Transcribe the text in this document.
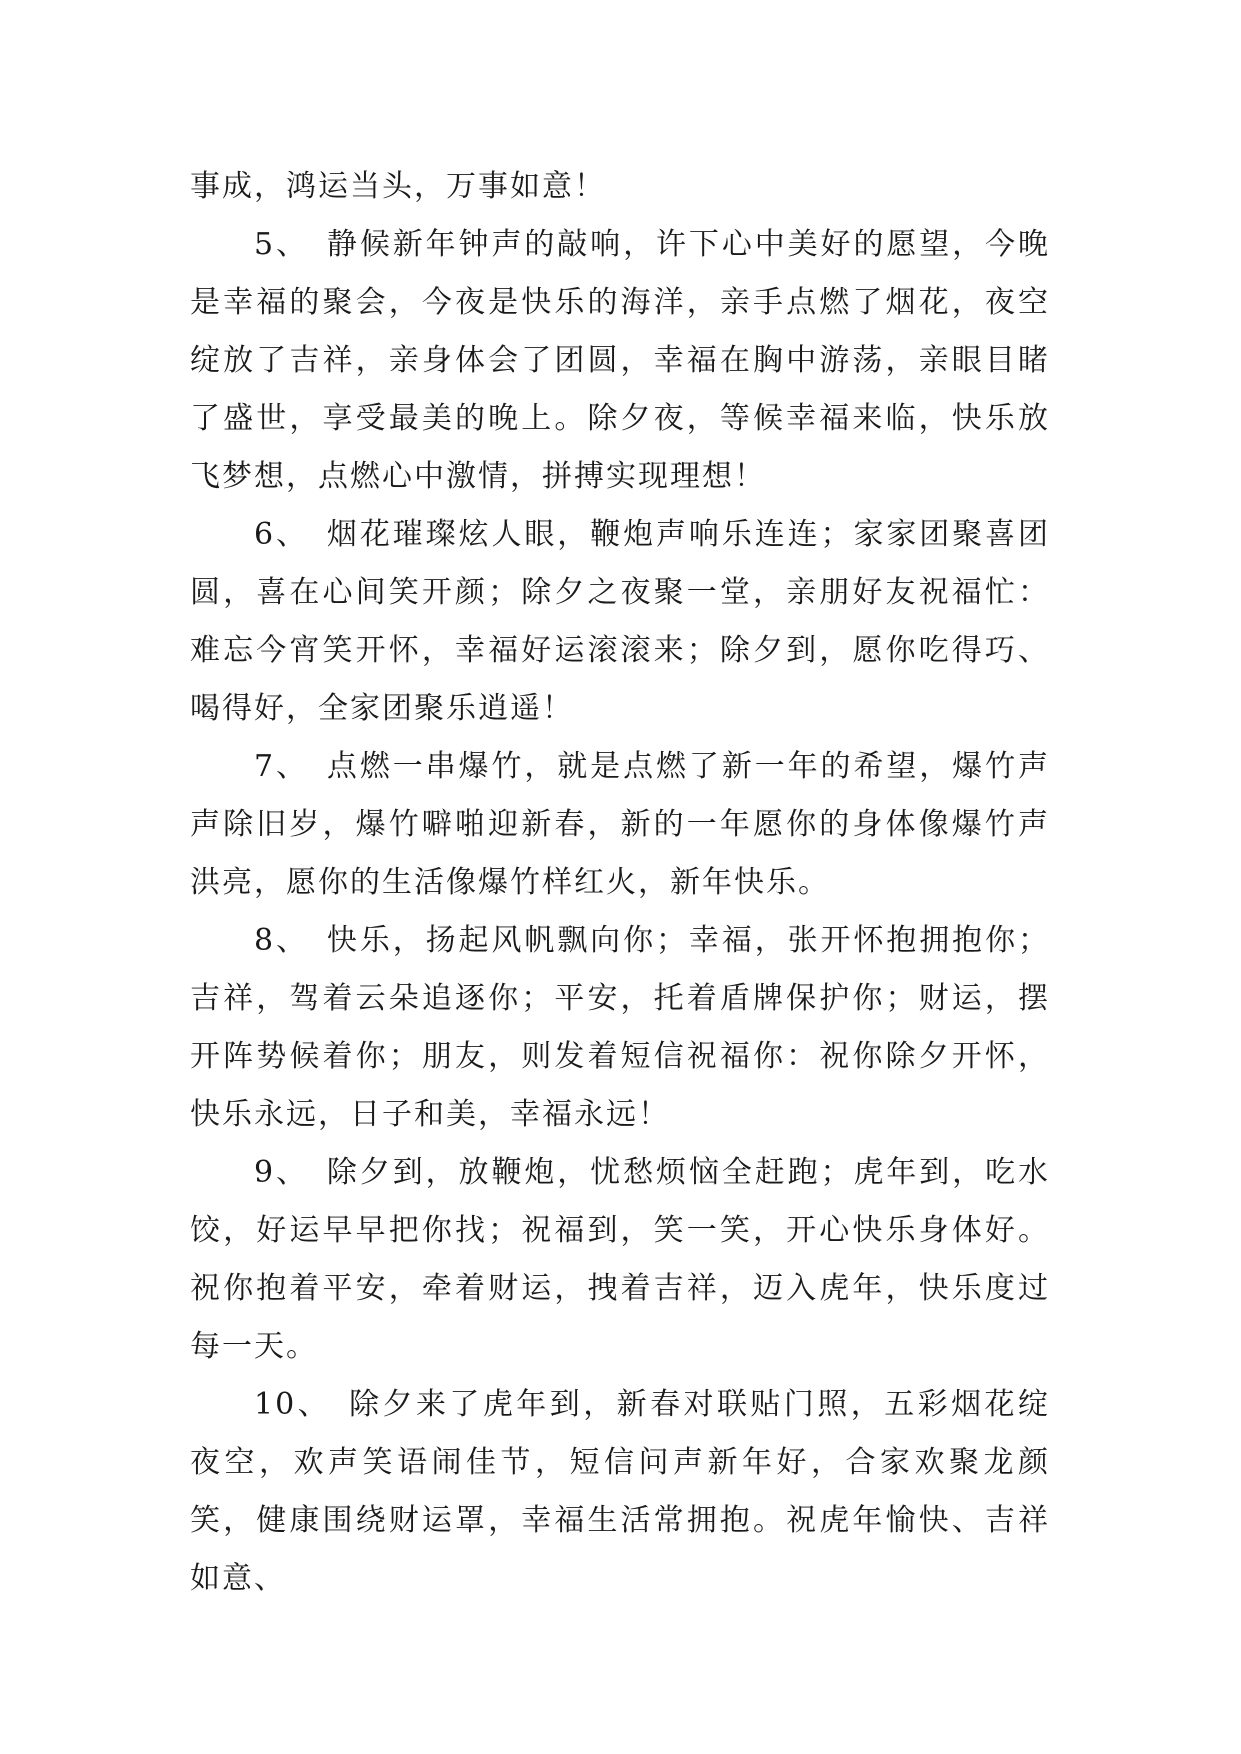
事成，鸿运当头，万事如意！

5、 静候新年钟声的敲响，许下心中美好的愿望，今晚是幸福的聚会，今夜是快乐的海洋，亲手点燃了烟花，夜空绽放了吉祥，亲身体会了团圆，幸福在胸中游荡，亲眼目睹了盛世，享受最美的晚上。除夕夜，等候幸福来临，快乐放飞梦想，点燃心中激情，拼搏实现理想！

6、 烟花璀璨炫人眼，鞭炮声响乐连连；家家团聚喜团圆，喜在心间笑开颜；除夕之夜聚一堂，亲朋好友祝福忙：难忘今宵笑开怀，幸福好运滚滚来；除夕到，愿你吃得巧、喝得好，全家团聚乐逍遥！

7、 点燃一串爆竹，就是点燃了新一年的希望，爆竹声声除旧岁，爆竹噼啪迎新春，新的一年愿你的身体像爆竹声洪亮，愿你的生活像爆竹样红火，新年快乐。

8、 快乐，扬起风帆飘向你；幸福，张开怀抱拥抱你；吉祥，驾着云朵追逐你；平安，托着盾牌保护你；财运，摆开阵势候着你；朋友，则发着短信祝福你：祝你除夕开怀，快乐永远，日子和美，幸福永远！

9、 除夕到，放鞭炮，忧愁烦恼全赶跑；虎年到，吃水饺，好运早早把你找；祝福到，笑一笑，开心快乐身体好。祝你抱着平安，牵着财运，拽着吉祥，迈入虎年，快乐度过每一天。

10、 除夕来了虎年到，新春对联贴门照，五彩烟花绽夜空，欢声笑语闹佳节，短信问声新年好，合家欢聚龙颜笑，健康围绕财运罩，幸福生活常拥抱。祝虎年愉快、吉祥如意、
